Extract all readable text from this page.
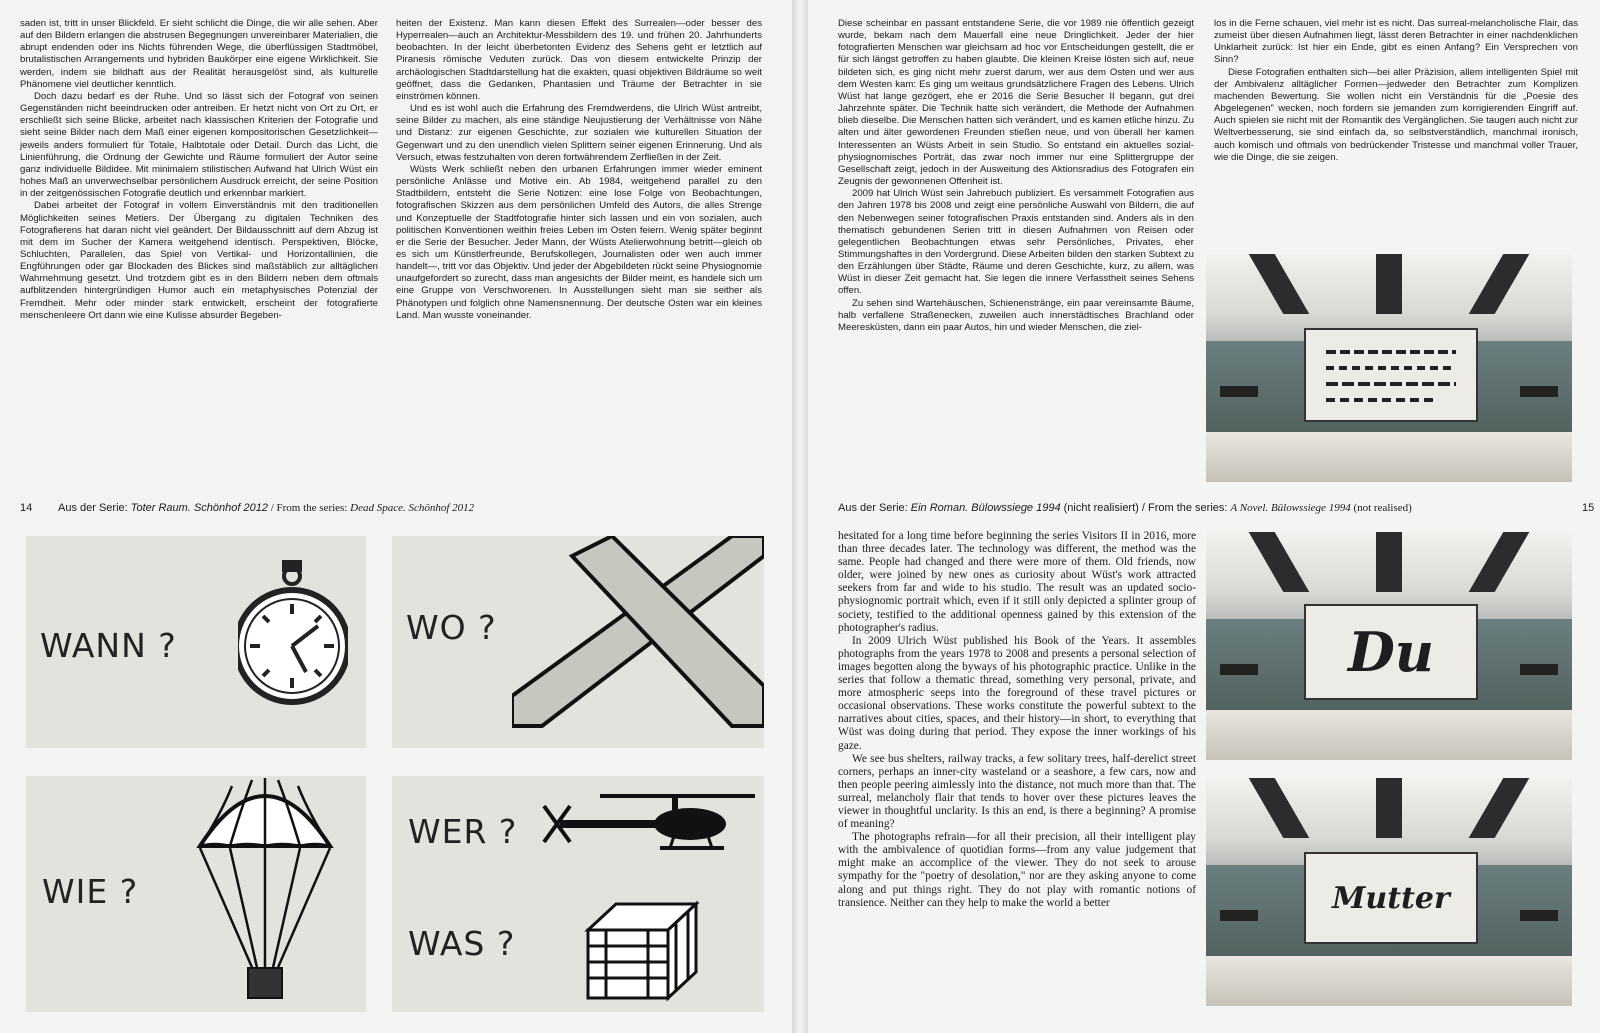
saden ist, tritt in unser Blickfeld. Er sieht schlicht die Dinge, die wir alle sehen. Aber auf den Bildern erlangen die abstrusen Begegnungen unvereinbarer Materialien, die abrupt endenden oder ins Nichts führenden Wege, die überflüssigen Stadtmöbel, brutalistischen Arrangements und hybriden Baukörper eine eigene Wirklichkeit. Sie werden, indem sie bildhaft aus der Realität herausgelöst sind, als kulturelle Phänomene viel deutlicher kenntlich.

Doch dazu bedarf es der Ruhe. Und so lässt sich der Fotograf von seinen Gegenständen nicht beeindrucken oder antreiben. Er hetzt nicht von Ort zu Ort, er erschließt sich seine Blicke, arbeitet nach klassischen Kriterien der Fotografie und sieht seine Bilder nach dem Maß einer eigenen kompositorischen Gesetzlichkeit—jeweils anders formuliert für Totale, Halbtotale oder Detail. Durch das Licht, die Linienführung, die Ordnung der Gewichte und Räume formuliert der Autor seine ganz individuelle Bildidee. Mit minimalem stilistischen Aufwand hat Ulrich Wüst ein hohes Maß an unverwechselbar persönlichem Ausdruck erreicht, der seine Position in der zeitgenössischen Fotografie deutlich und erkennbar markiert.

Dabei arbeitet der Fotograf in vollem Einverständnis mit den traditionellen Möglichkeiten seines Metiers. Der Übergang zu digitalen Techniken des Fotografierens hat daran nicht viel geändert. Der Bildausschnitt auf dem Abzug ist mit dem im Sucher der Kamera weitgehend identisch. Perspektiven, Blöcke, Schluchten, Parallelen, das Spiel von Vertikal- und Horizontallinien, die Engführungen oder gar Blockaden des Blickes sind maßstäblich zur alltäglichen Wahrnehmung gesetzt. Und trotzdem gibt es in den Bildern neben dem oftmals aufblitzenden hintergründigen Humor auch ein metaphysisches Potenzial der Fremdheit. Mehr oder minder stark entwickelt, erscheint der fotografierte menschenleere Ort dann wie eine Kulisse absurder Begeben-

heiten der Existenz. Man kann diesen Effekt des Surrealen—oder besser des Hyperrealen—auch an Architektur-Messbildern des 19. und frühen 20. Jahrhunderts beobachten. In der leicht überbetonten Evidenz des Sehens geht er letztlich auf Piranesis römische Veduten zurück. Das von diesem entwickelte Prinzip der archäologischen Stadtdarstellung hat die exakten, quasi objektiven Bildräume so weit geöffnet, dass die Gedanken, Phantasien und Träume der Betrachter in sie einströmen können.

Und es ist wohl auch die Erfahrung des Fremdwerdens, die Ulrich Wüst antreibt, seine Bilder zu machen, als eine ständige Neujustierung der Verhältnisse von Nähe und Distanz: zur eigenen Geschichte, zur sozialen wie kulturellen Situation der Gegenwart und zu den unendlich vielen Splittern seiner eigenen Erinnerung. Und als Versuch, etwas festzuhalten von deren fortwährendem Zerfließen in der Zeit.

Wüsts Werk schließt neben den urbanen Erfahrungen immer wieder eminent persönliche Anlässe und Motive ein. Ab 1984, weitgehend parallel zu den Stadtbildern, entsteht die Serie Notizen: eine lose Folge von Beobachtungen, fotografischen Skizzen aus dem persönlichen Umfeld des Autors, die alles Strenge und Konzeptuelle der Stadtfotografie hinter sich lassen und ein von sozialen, auch politischen Konventionen weithin freies Leben im Osten feiern. Wenig später beginnt er die Serie der Besucher. Jeder Mann, der Wüsts Atelierwohnung betritt—gleich ob es sich um Künstlerfreunde, Berufskollegen, Journalisten oder wen auch immer handelt—, tritt vor das Objektiv. Und jeder der Abgebildeten rückt seine Physiognomie unaufgefordert so zurecht, dass man angesichts der Bilder meint, es handele sich um eine Gruppe von Verschworenen. In Ausstellungen sieht man sie seither als Phänotypen und folglich ohne Namensnennung. Der deutsche Osten war ein kleines Land. Man wusste voneinander.

14 Aus der Serie: Toter Raum. Schönhof 2012 / From the series: Dead Space. Schönhof 2012
WANN ?	WO ?
WIE ?
WER ?
WAS ?

Diese scheinbar en passant entstandene Serie, die vor 1989 nie öffentlich gezeigt wurde, bekam nach dem Mauerfall eine neue Dringlichkeit. Jeder der hier fotografierten Menschen war gleichsam ad hoc vor Entscheidungen gestellt, die er für sich längst getroffen zu haben glaubte. Die kleinen Kreise lösten sich auf, neue bildeten sich, es ging nicht mehr zuerst darum, wer aus dem Osten und wer aus dem Westen kam: Es ging um weitaus grundsätzlichere Fragen des Lebens. Ulrich Wüst hat lange gezögert, ehe er 2016 die Serie Besucher II begann, gut drei Jahrzehnte später. Die Technik hatte sich verändert, die Methode der Aufnahmen blieb dieselbe. Die Menschen hatten sich verändert, und es kamen etliche hinzu. Zu alten und älter gewordenen Freunden stießen neue, und von überall her kamen Interessenten an Wüsts Arbeit in sein Studio. So entstand ein aktuelles sozial-physiognomisches Porträt, das zwar noch immer nur eine Splittergruppe der Gesellschaft zeigt, jedoch in der Ausweitung des Aktionsradius des Fotografen ein Zeugnis der gewonnenen Offenheit ist.

2009 hat Ulrich Wüst sein Jahrebuch publiziert. Es versammelt Fotografien aus den Jahren 1978 bis 2008 und zeigt eine persönliche Auswahl von Bildern, die auf den Nebenwegen seiner fotografischen Praxis entstanden sind. Anders als in den thematisch gebundenen Serien tritt in diesen Aufnahmen von Reisen oder gelegentlichen Beobachtungen etwas sehr Persönliches, Privates, eher Stimmungshaftes in den Vordergrund. Diese Arbeiten bilden den starken Subtext zu den Erzählungen über Städte, Räume und deren Geschichte, kurz, zu allem, was Wüst in dieser Zeit gemacht hat. Sie legen die innere Verfasstheit seines Sehens offen.

Zu sehen sind Wartehäuschen, Schienenstränge, ein paar vereinsamte Bäume, halb verfallene Straßenecken, zuweilen auch innerstädtisches Brachland oder Meeresküsten, dann ein paar Autos, hin und wieder Menschen, die ziel-

los in die Ferne schauen, viel mehr ist es nicht. Das surreal-melancholische Flair, das zumeist über diesen Aufnahmen liegt, lässt deren Betrachter in einer nachdenklichen Unklarheit zurück: Ist hier ein Ende, gibt es einen Anfang? Ein Versprechen von Sinn?

Diese Fotografien enthalten sich—bei aller Präzision, allem intelligenten Spiel mit der Ambivalenz alltäglicher Formen—jedweder den Betrachter zum Komplizen machenden Bewertung. Sie wollen nicht ein Verständnis für die „Poesie des Abgelegenen" wecken, noch fordern sie jemanden zum korrigierenden Eingriff auf. Auch spielen sie nicht mit der Romantik des Vergänglichen. Sie taugen auch nicht zur Weltverbesserung, sie sind einfach da, so selbstverständlich, manchmal ironisch, auch komisch und oftmals von bedrückender Tristesse und manchmal voller Trauer, wie die Dinge, die sie zeigen.

15
Aus der Serie: Ein Roman. Bülowssiege 1994 (nicht realisiert) / From the series: A Novel. Bülowssiege 1994 (not realised)

hesitated for a long time before beginning the series Visitors II in 2016, more than three decades later. The technology was different, the method was the same. People had changed and there were more of them. Old friends, now older, were joined by new ones as curiosity about Wüst's work attracted seekers from far and wide to his studio. The result was an updated socio-physiognomic portrait which, even if it still only depicted a splinter group of society, testified to the additional openness gained by this extension of the photographer's radius.

In 2009 Ulrich Wüst published his Book of the Years. It assembles photographs from the years 1978 to 2008 and presents a personal selection of images begotten along the byways of his photographic practice. Unlike in the series that follow a thematic thread, something very personal, private, and more atmospheric seeps into the foreground of these travel pictures or occasional observations. These works constitute the powerful subtext to the narratives about cities, spaces, and their history—in short, to everything that Wüst was doing during that period. They expose the inner workings of his gaze.

We see bus shelters, railway tracks, a few solitary trees, half-derelict street corners, perhaps an inner-city wasteland or a seashore, a few cars, now and then people peering aimlessly into the distance, not much more than that. The surreal, melancholy flair that tends to hover over these pictures leaves the viewer in thoughtful unclarity. Is this an end, is there a beginning? A promise of meaning?

The photographs refrain—for all their precision, all their intelligent play with the ambivalence of quotidian forms—from any value judgement that might make an accomplice of the viewer. They do not seek to arouse sympathy for the "poetry of desolation," nor are they asking anyone to come along and put things right. They do not play with romantic notions of transience. Neither can they help to make the world a better

Du
Mutter
